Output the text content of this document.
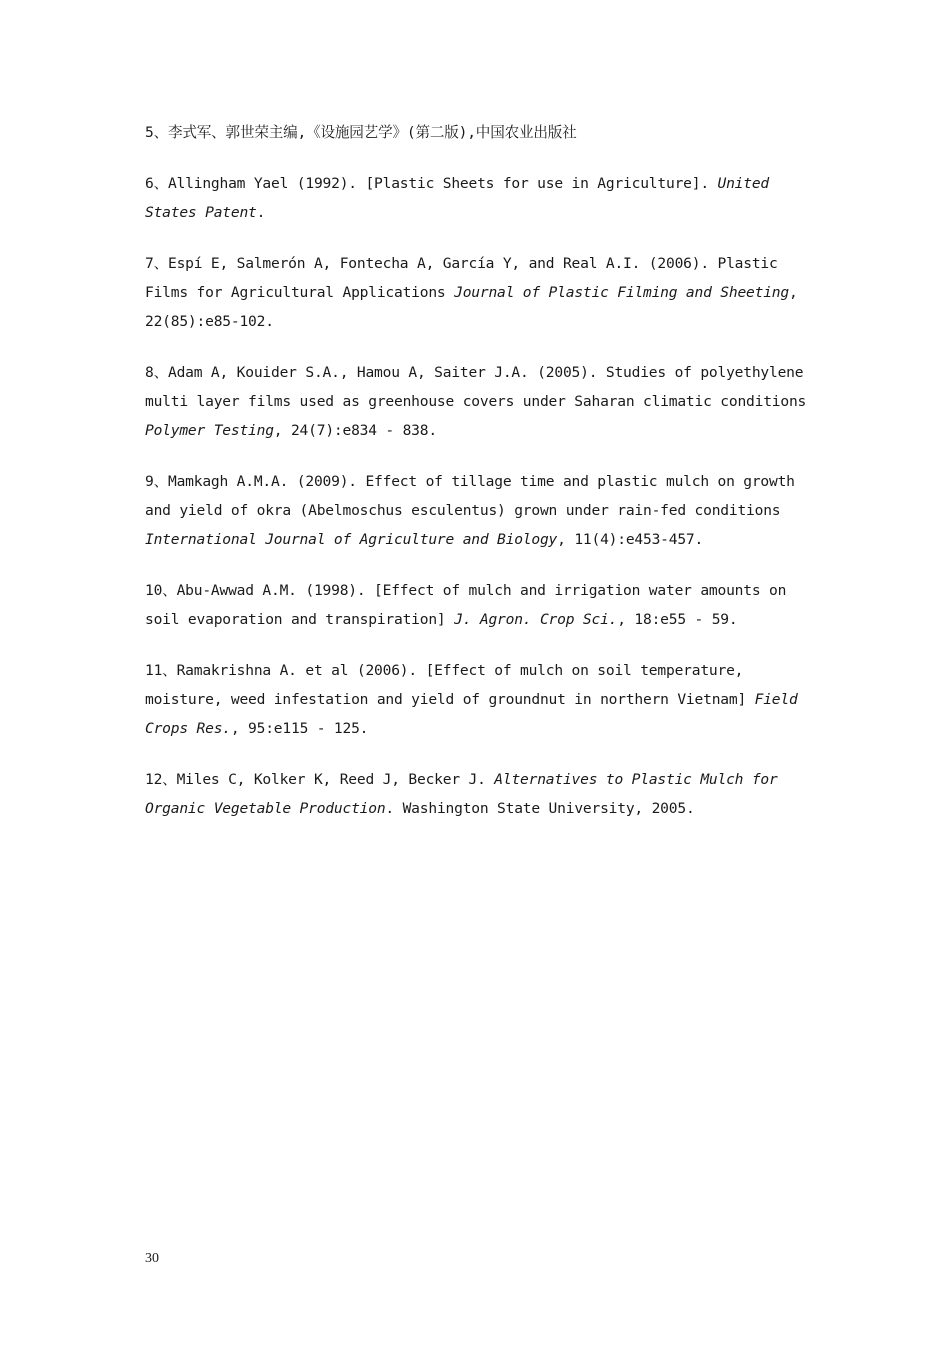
5、李式军、郭世荣主编,《设施园艺学》(第二版),中国农业出版社

6、Allingham Yael (1992). [Plastic Sheets for use in Agriculture]. United States Patent.

7、Espí E, Salmerón A, Fontecha A, García Y, and Real A.I. (2006). Plastic Films for Agricultural Applications Journal of Plastic Filming and Sheeting, 22(85):e85-102.

8、Adam A, Kouider S.A., Hamou A, Saiter J.A. (2005). Studies of polyethylene multi layer films used as greenhouse covers under Saharan climatic conditions Polymer Testing, 24(7):e834 - 838.

9、Mamkagh A.M.A. (2009). Effect of tillage time and plastic mulch on growth and yield of okra (Abelmoschus esculentus) grown under rain-fed conditions International Journal of Agriculture and Biology, 11(4):e453-457.

10、Abu-Awwad A.M. (1998). [Effect of mulch and irrigation water amounts on soil evaporation and transpiration] J. Agron. Crop Sci., 18:e55 - 59.

11、Ramakrishna A. et al (2006). [Effect of mulch on soil temperature, moisture, weed infestation and yield of groundnut in northern Vietnam] Field Crops Res., 95:e115 - 125.

12、Miles C, Kolker K, Reed J, Becker J. Alternatives to Plastic Mulch for Organic Vegetable Production. Washington State University, 2005.

30
